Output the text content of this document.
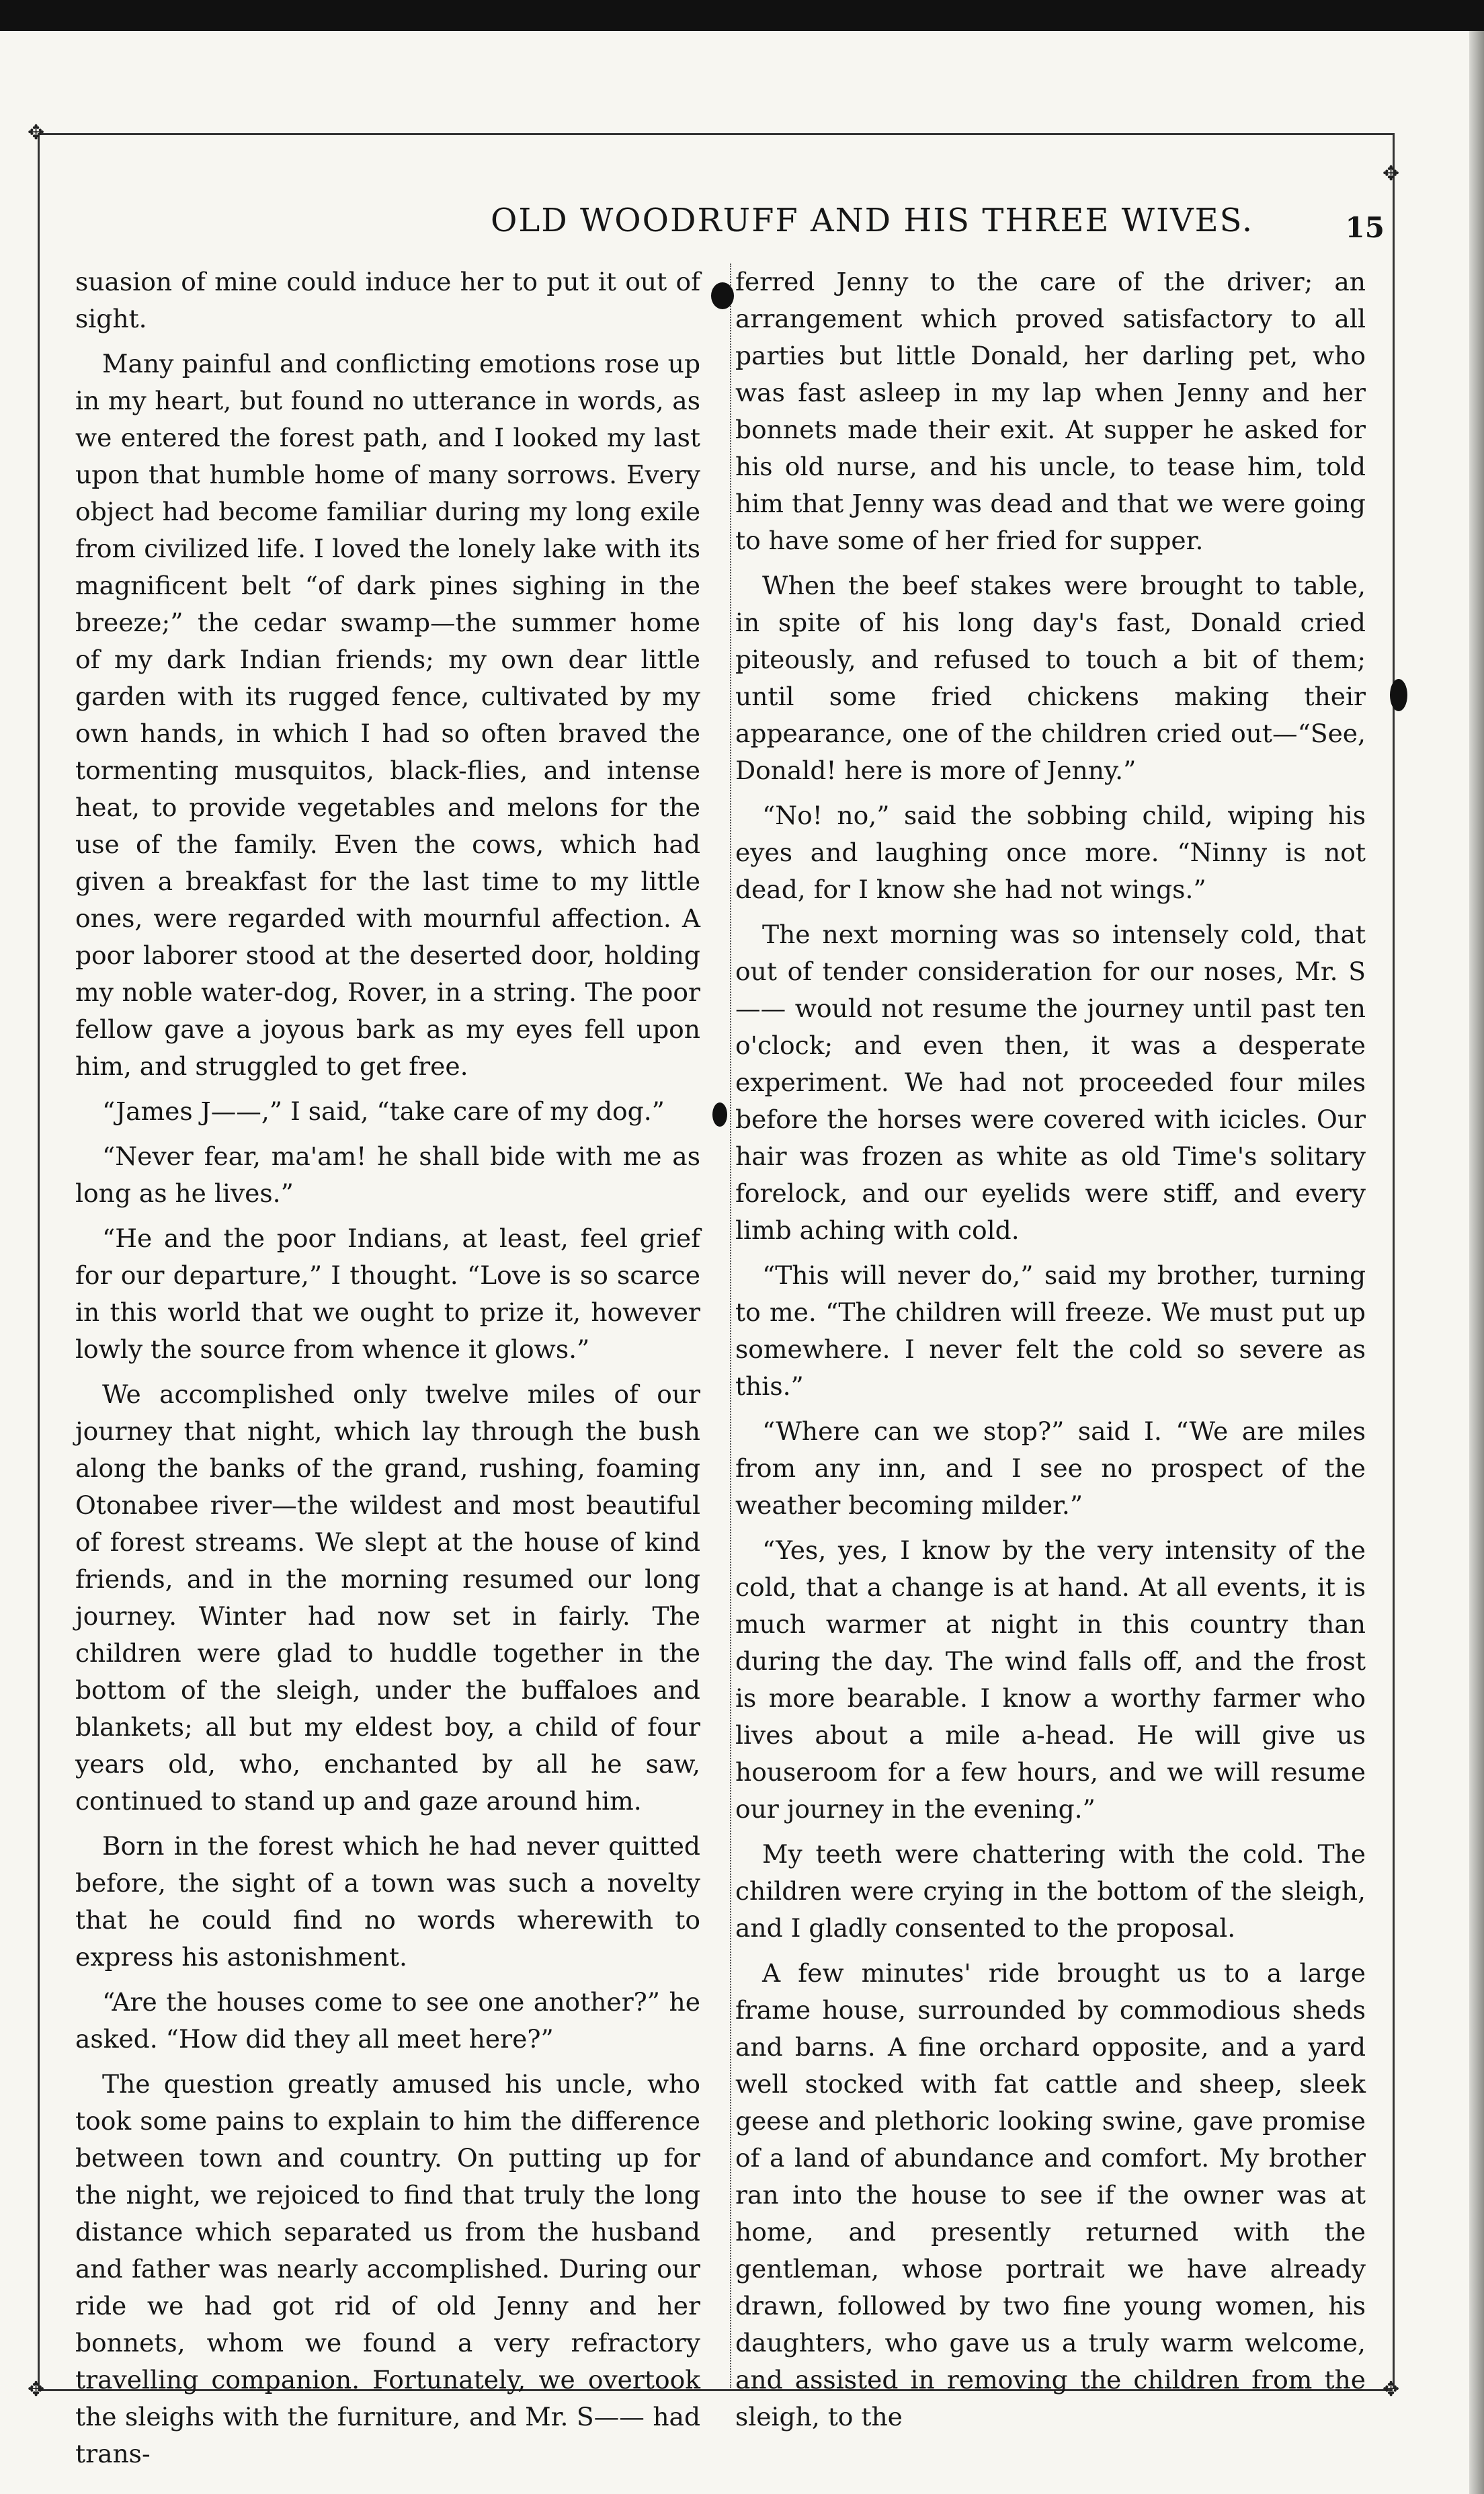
✥
✥
✥	✥
OLD WOODRUFF AND HIS THREE WIVES.	15

suasion of mine could induce her to put it out of sight.

Many painful and conflicting emotions rose up in my heart, but found no utterance in words, as we entered the forest path, and I looked my last upon that humble home of many sorrows. Every object had become familiar during my long exile from civilized life. I loved the lonely lake with its magnificent belt “of dark pines sighing in the breeze;” the cedar swamp—the summer home of my dark Indian friends; my own dear little garden with its rugged fence, cultivated by my own hands, in which I had so often braved the tormenting musquitos, black-flies, and intense heat, to provide vegetables and melons for the use of the family. Even the cows, which had given a breakfast for the last time to my little ones, were regarded with mournful affection. A poor laborer stood at the deserted door, holding my noble water-dog, Rover, in a string. The poor fellow gave a joyous bark as my eyes fell upon him, and struggled to get free.

“James J——,” I said, “take care of my dog.”

“Never fear, ma'am! he shall bide with me as long as he lives.”

“He and the poor Indians, at least, feel grief for our departure,” I thought. “Love is so scarce in this world that we ought to prize it, however lowly the source from whence it glows.”

We accomplished only twelve miles of our journey that night, which lay through the bush along the banks of the grand, rushing, foaming Otonabee river—the wildest and most beautiful of forest streams. We slept at the house of kind friends, and in the morning resumed our long journey. Winter had now set in fairly. The children were glad to huddle together in the bottom of the sleigh, under the buffaloes and blankets; all but my eldest boy, a child of four years old, who, enchanted by all he saw, continued to stand up and gaze around him.

Born in the forest which he had never quitted before, the sight of a town was such a novelty that he could find no words wherewith to express his astonishment.

“Are the houses come to see one another?” he asked. “How did they all meet here?”

The question greatly amused his uncle, who took some pains to explain to him the difference between town and country. On putting up for the night, we rejoiced to find that truly the long distance which separated us from the husband and father was nearly accomplished. During our ride we had got rid of old Jenny and her bonnets, whom we found a very refractory travelling companion. Fortunately, we overtook the sleighs with the furniture, and Mr. S—— had trans-

ferred Jenny to the care of the driver; an arrangement which proved satisfactory to all parties but little Donald, her darling pet, who was fast asleep in my lap when Jenny and her bonnets made their exit. At supper he asked for his old nurse, and his uncle, to tease him, told him that Jenny was dead and that we were going to have some of her fried for supper.

When the beef stakes were brought to table, in spite of his long day's fast, Donald cried piteously, and refused to touch a bit of them; until some fried chickens making their appearance, one of the children cried out—“See, Donald! here is more of Jenny.”

“No! no,” said the sobbing child, wiping his eyes and laughing once more. “Ninny is not dead, for I know she had not wings.”

The next morning was so intensely cold, that out of tender consideration for our noses, Mr. S—— would not resume the journey until past ten o'clock; and even then, it was a desperate experiment. We had not proceeded four miles before the horses were covered with icicles. Our hair was frozen as white as old Time's solitary forelock, and our eyelids were stiff, and every limb aching with cold.

“This will never do,” said my brother, turning to me. “The children will freeze. We must put up somewhere. I never felt the cold so severe as this.”

“Where can we stop?” said I. “We are miles from any inn, and I see no prospect of the weather becoming milder.”

“Yes, yes, I know by the very intensity of the cold, that a change is at hand. At all events, it is much warmer at night in this country than during the day. The wind falls off, and the frost is more bearable. I know a worthy farmer who lives about a mile a-head. He will give us houseroom for a few hours, and we will resume our journey in the evening.”

My teeth were chattering with the cold. The children were crying in the bottom of the sleigh, and I gladly consented to the proposal.

A few minutes' ride brought us to a large frame house, surrounded by commodious sheds and barns. A fine orchard opposite, and a yard well stocked with fat cattle and sheep, sleek geese and plethoric looking swine, gave promise of a land of abundance and comfort. My brother ran into the house to see if the owner was at home, and presently returned with the gentleman, whose portrait we have already drawn, followed by two fine young women, his daughters, who gave us a truly warm welcome, and assisted in removing the children from the sleigh, to the
